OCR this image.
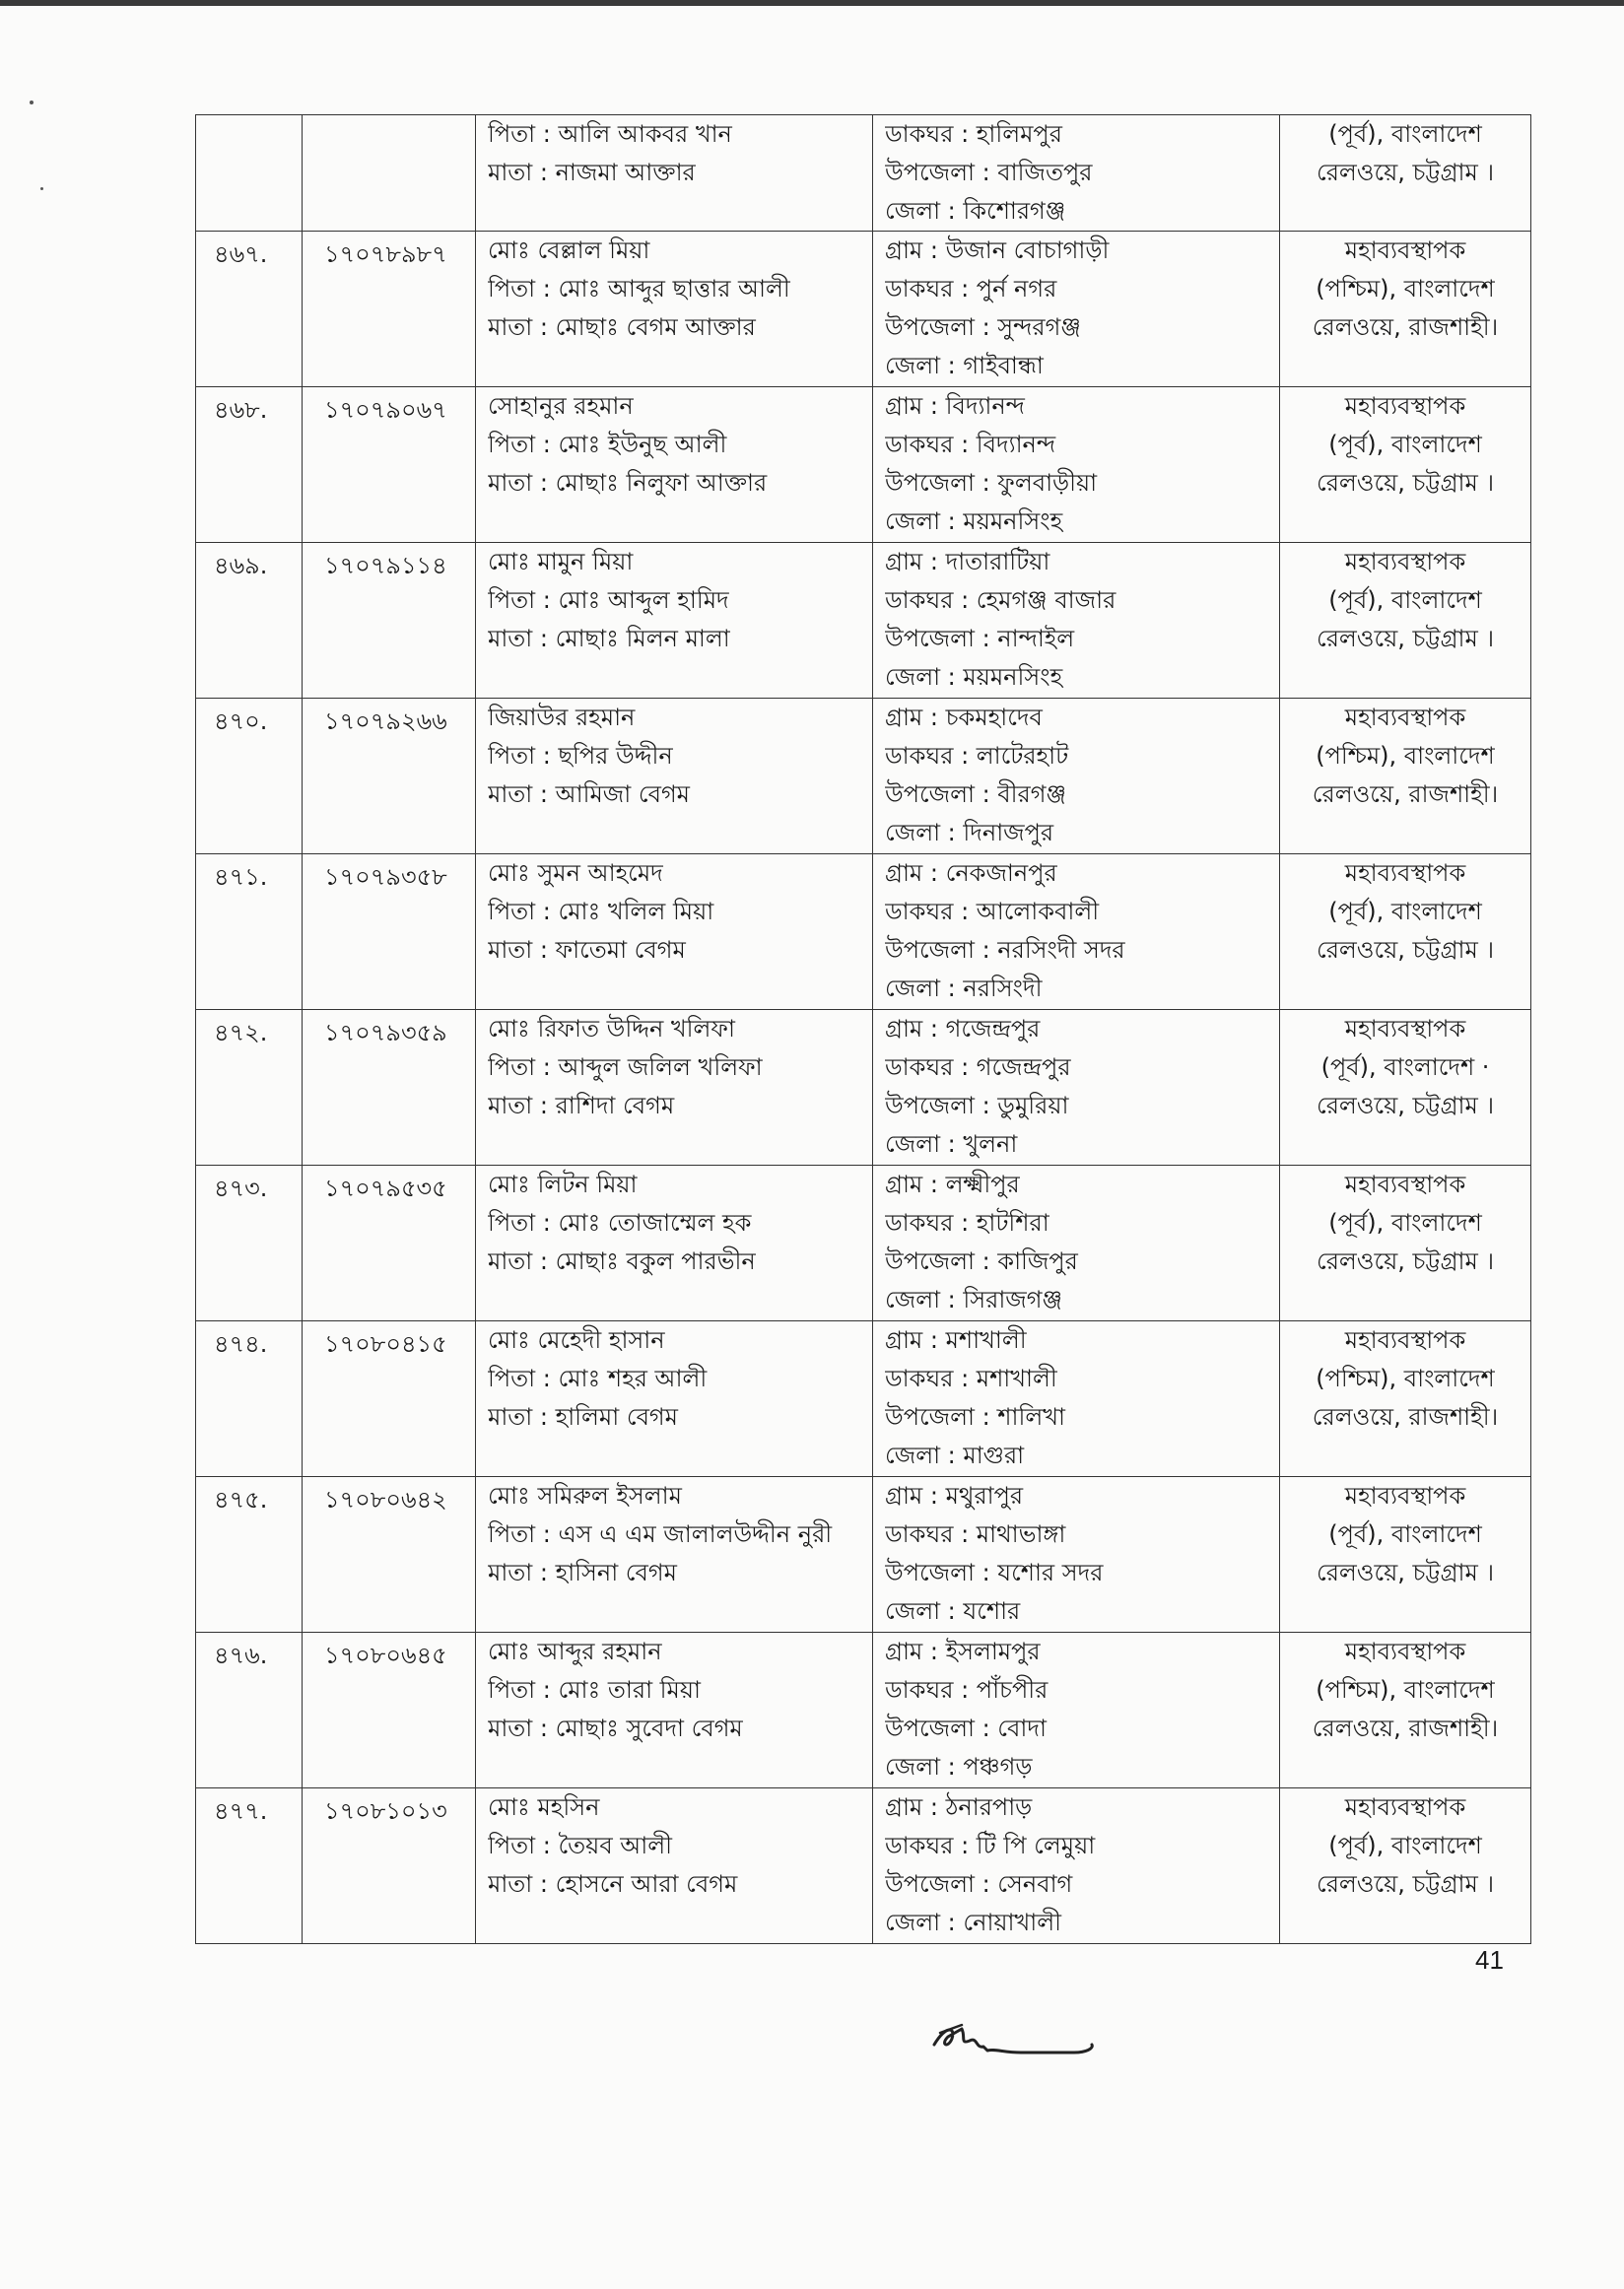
		পিতা : আলি আকবর খান
মাতা : নাজমা আক্তার	ডাকঘর : হালিমপুর
উপজেলা : বাজিতপুর
জেলা : কিশোরগঞ্জ	(পূর্ব), বাংলাদেশ
রেলওয়ে, চট্টগ্রাম ।

৪৬৭.	১৭০৭৮৯৮৭	মোঃ বেল্লাল মিয়া
পিতা : মোঃ আব্দুর ছাত্তার আলী
মাতা : মোছাঃ বেগম আক্তার	গ্রাম : উজান বোচাগাড়ী
ডাকঘর : পুর্ন নগর
উপজেলা : সুন্দরগঞ্জ
জেলা : গাইবান্ধা	মহাব্যবস্থাপক
(পশ্চিম), বাংলাদেশ
রেলওয়ে, রাজশাহী।

৪৬৮.	১৭০৭৯০৬৭	সোহানুর রহমান
পিতা : মোঃ ইউনুছ আলী
মাতা : মোছাঃ নিলুফা আক্তার	গ্রাম : বিদ্যানন্দ
ডাকঘর : বিদ্যানন্দ
উপজেলা : ফুলবাড়ীয়া
জেলা : ময়মনসিংহ	মহাব্যবস্থাপক
(পূর্ব), বাংলাদেশ
রেলওয়ে, চট্টগ্রাম ।

৪৬৯.	১৭০৭৯১১৪	মোঃ মামুন মিয়া
পিতা : মোঃ আব্দুল হামিদ
মাতা : মোছাঃ মিলন মালা	গ্রাম : দাতারাটিয়া
ডাকঘর : হেমগঞ্জ বাজার
উপজেলা : নান্দাইল
জেলা : ময়মনসিংহ	মহাব্যবস্থাপক
(পূর্ব), বাংলাদেশ
রেলওয়ে, চট্টগ্রাম ।

৪৭০.	১৭০৭৯২৬৬	জিয়াউর রহমান
পিতা : ছপির উদ্দীন
মাতা : আমিজা বেগম	গ্রাম : চকমহাদেব
ডাকঘর : লাটেরহাট
উপজেলা : বীরগঞ্জ
জেলা : দিনাজপুর	মহাব্যবস্থাপক
(পশ্চিম), বাংলাদেশ
রেলওয়ে, রাজশাহী।

৪৭১.	১৭০৭৯৩৫৮	মোঃ সুমন আহমেদ
পিতা : মোঃ খলিল মিয়া
মাতা : ফাতেমা বেগম	গ্রাম : নেকজানপুর
ডাকঘর : আলোকবালী
উপজেলা : নরসিংদী সদর
জেলা : নরসিংদী	মহাব্যবস্থাপক
(পূর্ব), বাংলাদেশ
রেলওয়ে, চট্টগ্রাম ।

৪৭২.	১৭০৭৯৩৫৯	মোঃ রিফাত উদ্দিন খলিফা
পিতা : আব্দুল জলিল খলিফা
মাতা : রাশিদা বেগম	গ্রাম : গজেন্দ্রপুর
ডাকঘর : গজেন্দ্রপুর
উপজেলা : ডুমুরিয়া
জেলা : খুলনা	মহাব্যবস্থাপক
(পূর্ব), বাংলাদেশ ·
রেলওয়ে, চট্টগ্রাম ।

৪৭৩.	১৭০৭৯৫৩৫	মোঃ লিটন মিয়া
পিতা : মোঃ তোজাম্মেল হক
মাতা : মোছাঃ বকুল পারভীন	গ্রাম : লক্ষ্মীপুর
ডাকঘর : হাটশিরা
উপজেলা : কাজিপুর
জেলা : সিরাজগঞ্জ	মহাব্যবস্থাপক
(পূর্ব), বাংলাদেশ
রেলওয়ে, চট্টগ্রাম ।

৪৭৪.	১৭০৮০৪১৫	মোঃ মেহেদী হাসান
পিতা : মোঃ শহর আলী
মাতা : হালিমা বেগম	গ্রাম : মশাখালী
ডাকঘর : মশাখালী
উপজেলা : শালিখা
জেলা : মাগুরা	মহাব্যবস্থাপক
(পশ্চিম), বাংলাদেশ
রেলওয়ে, রাজশাহী।

৪৭৫.	১৭০৮০৬৪২	মোঃ সমিরুল ইসলাম
পিতা : এস এ এম জালালউদ্দীন নুরী
মাতা : হাসিনা বেগম	গ্রাম : মথুরাপুর
ডাকঘর : মাথাভাঙ্গা
উপজেলা : যশোর সদর
জেলা : যশোর	মহাব্যবস্থাপক
(পূর্ব), বাংলাদেশ
রেলওয়ে, চট্টগ্রাম ।

৪৭৬.	১৭০৮০৬৪৫	মোঃ আব্দুর রহমান
পিতা : মোঃ তারা মিয়া
মাতা : মোছাঃ সুবেদা বেগম	গ্রাম : ইসলামপুর
ডাকঘর : পাঁচপীর
উপজেলা : বোদা
জেলা : পঞ্চগড়	মহাব্যবস্থাপক
(পশ্চিম), বাংলাদেশ
রেলওয়ে, রাজশাহী।

৪৭৭.	১৭০৮১০১৩	মোঃ মহসিন
পিতা : তৈয়ব আলী
মাতা : হোসনে আরা বেগম	গ্রাম : ঠনারপাড়
ডাকঘর : টি পি লেমুয়া
উপজেলা : সেনবাগ
জেলা : নোয়াখালী	মহাব্যবস্থাপক
(পূর্ব), বাংলাদেশ
রেলওয়ে, চট্টগ্রাম ।
41
